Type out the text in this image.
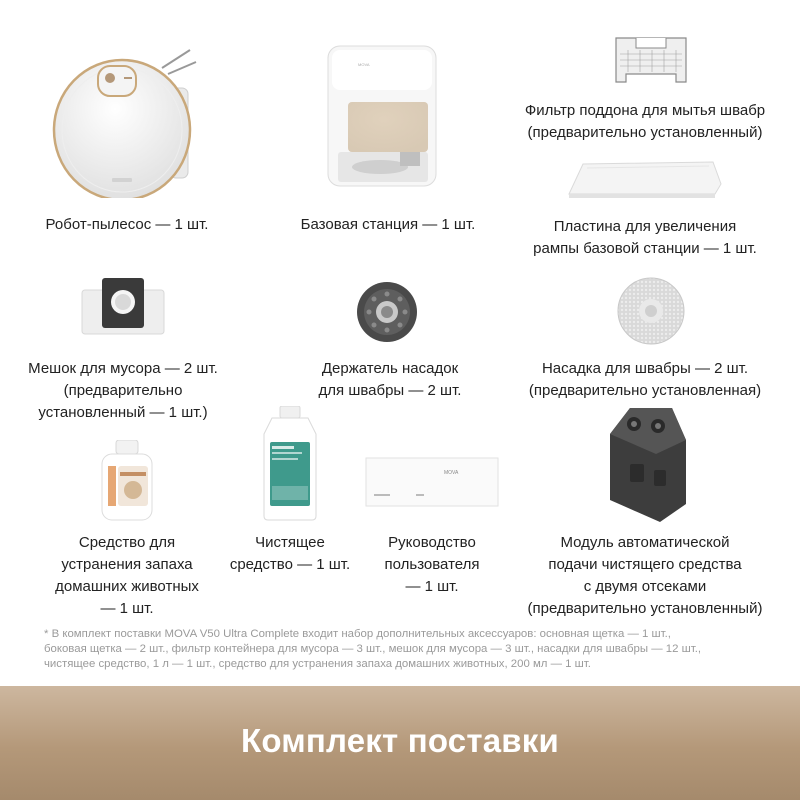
Робот-пылесос — 1 шт.
MOVA
Базовая станция — 1 шт.
Фильтр поддона для мытья швабр
(предварительно установленный)
Пластина для увеличения
рампы базовой станции — 1 шт.
Мешок для мусора — 2 шт.
(предварительно
установленный — 1 шт.)
Держатель насадок
для швабры — 2 шт.
Насадка для швабры — 2 шт.
(предварительно установленная)
Средство для
устранения запаха
домашних животных
— 1 шт.
Чистящее
средство — 1 шт.
MOVA
Руководство
пользователя
— 1 шт.
Модуль автоматической
подачи чистящего средства
с двумя отсеками
(предварительно установленный)
* В комплект поставки MOVA V50 Ultra Complete входит набор дополнительных аксессуаров: основная щетка — 1 шт.,
боковая щетка — 2 шт., фильтр контейнера для мусора — 3 шт., мешок для мусора — 3 шт., насадки для швабры — 12 шт.,
чистящее средство, 1 л — 1 шт., средство для устранения запаха домашних животных, 200 мл — 1 шт.
Комплект поставки
